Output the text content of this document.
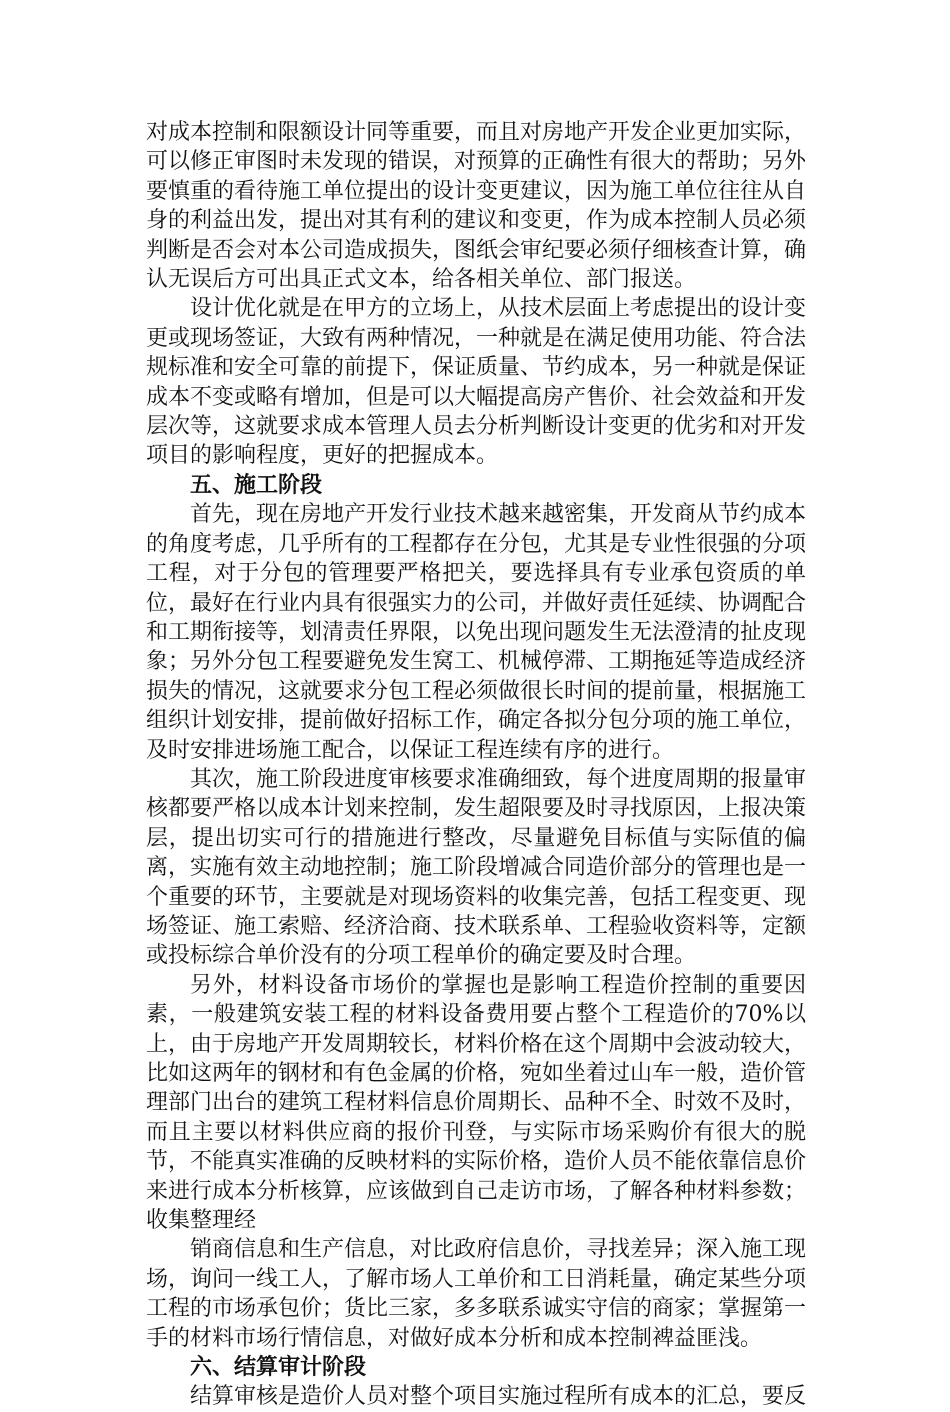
对成本控制和限额设计同等重要，而且对房地产开发企业更加实际，可以修正审图时未发现的错误，对预算的正确性有很大的帮助；另外要慎重的看待施工单位提出的设计变更建议，因为施工单位往往从自身的利益出发，提出对其有利的建议和变更，作为成本控制人员必须判断是否会对本公司造成损失，图纸会审纪要必须仔细核查计算，确认无误后方可出具正式文本，给各相关单位、部门报送。

设计优化就是在甲方的立场上，从技术层面上考虑提出的设计变更或现场签证，大致有两种情况，一种就是在满足使用功能、符合法规标准和安全可靠的前提下，保证质量、节约成本，另一种就是保证成本不变或略有增加，但是可以大幅提高房产售价、社会效益和开发层次等，这就要求成本管理人员去分析判断设计变更的优劣和对开发项目的影响程度，更好的把握成本。

五、施工阶段

首先，现在房地产开发行业技术越来越密集，开发商从节约成本的角度考虑，几乎所有的工程都存在分包，尤其是专业性很强的分项工程，对于分包的管理要严格把关，要选择具有专业承包资质的单位，最好在行业内具有很强实力的公司，并做好责任延续、协调配合和工期衔接等，划清责任界限，以免出现问题发生无法澄清的扯皮现象；另外分包工程要避免发生窝工、机械停滞、工期拖延等造成经济损失的情况，这就要求分包工程必须做很长时间的提前量，根据施工组织计划安排，提前做好招标工作，确定各拟分包分项的施工单位，及时安排进场施工配合，以保证工程连续有序的进行。

其次，施工阶段进度审核要求准确细致，每个进度周期的报量审核都要严格以成本计划来控制，发生超限要及时寻找原因，上报决策层，提出切实可行的措施进行整改，尽量避免目标值与实际值的偏离，实施有效主动地控制；施工阶段增减合同造价部分的管理也是一个重要的环节，主要就是对现场资料的收集完善，包括工程变更、现场签证、施工索赔、经济洽商、技术联系单、工程验收资料等，定额或投标综合单价没有的分项工程单价的确定要及时合理。

另外，材料设备市场价的掌握也是影响工程造价控制的重要因素，一般建筑安装工程的材料设备费用要占整个工程造价的70%以上，由于房地产开发周期较长，材料价格在这个周期中会波动较大，比如这两年的钢材和有色金属的价格，宛如坐着过山车一般，造价管理部门出台的建筑工程材料信息价周期长、品种不全、时效不及时，而且主要以材料供应商的报价刊登，与实际市场采购价有很大的脱节，不能真实准确的反映材料的实际价格，造价人员不能依靠信息价来进行成本分析核算，应该做到自己走访市场，了解各种材料参数；收集整理经

销商信息和生产信息，对比政府信息价，寻找差异；深入施工现场，询问一线工人，了解市场人工单价和工日消耗量，确定某些分项工程的市场承包价；货比三家，多多联系诚实守信的商家；掌握第一手的材料市场行情信息，对做好成本分析和成本控制裨益匪浅。

六、结算审计阶段

结算审核是造价人员对整个项目实施过程所有成本的汇总，要反
